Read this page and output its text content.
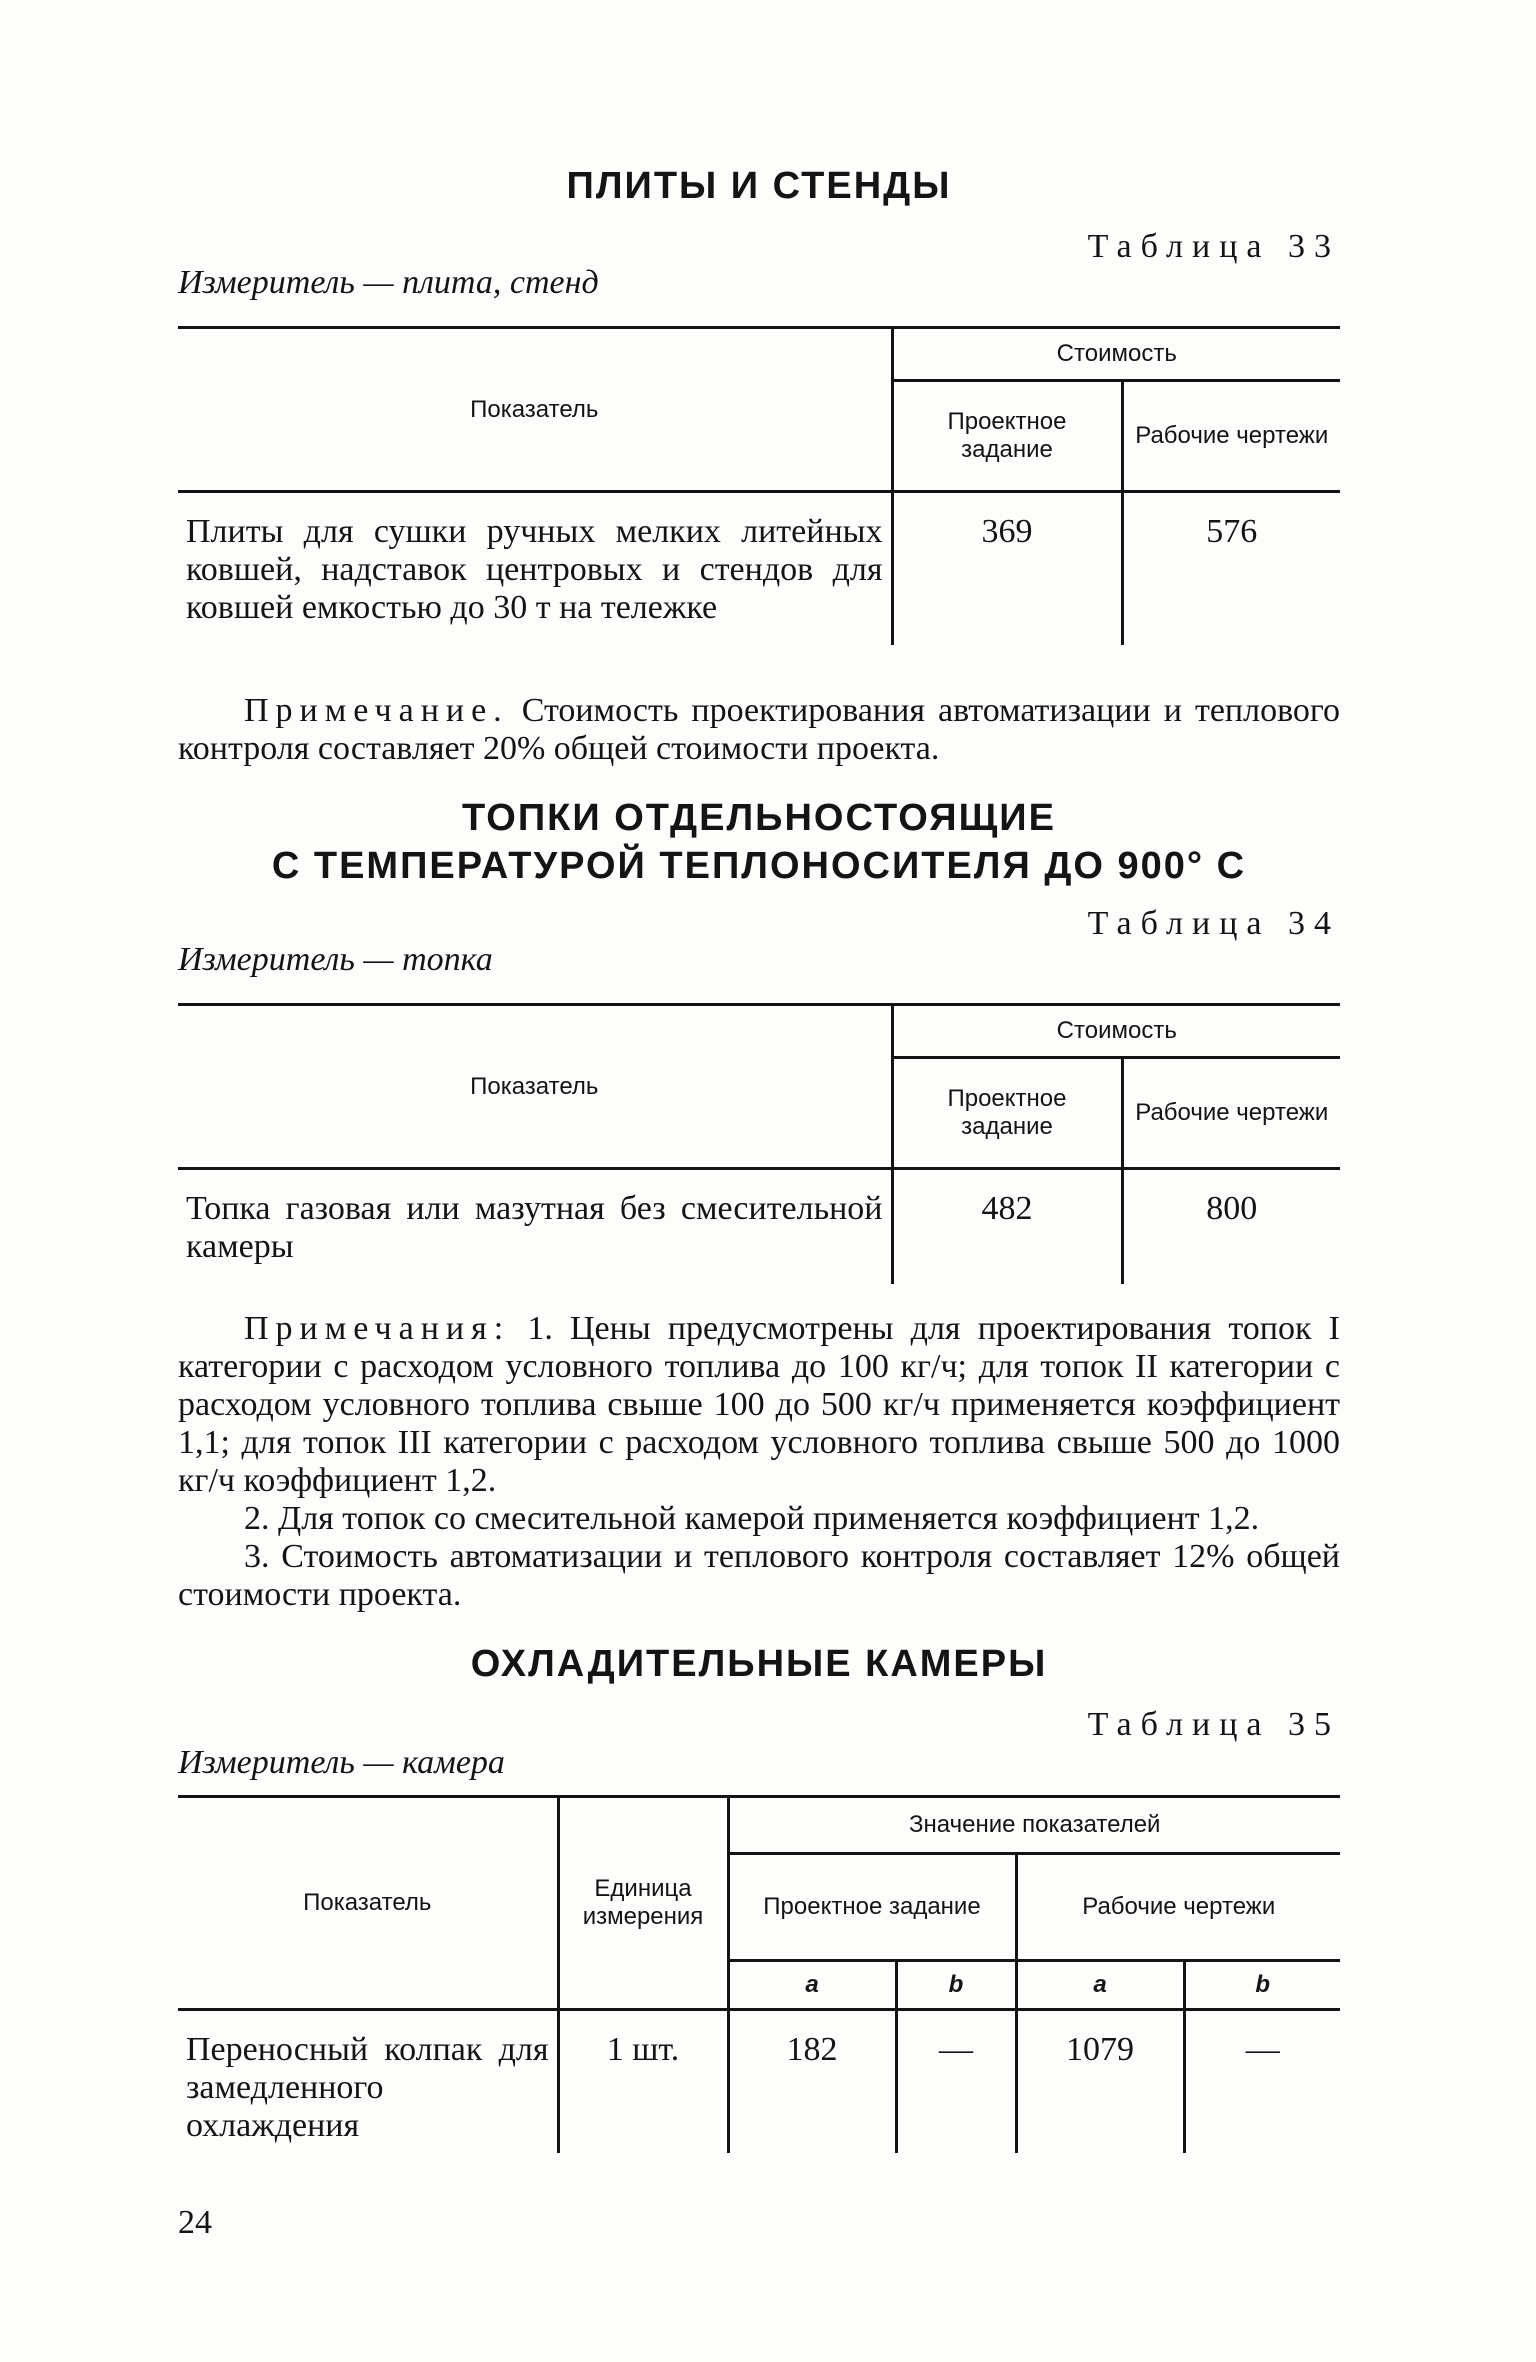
ПЛИТЫ И СТЕНДЫ
Таблица 33
Измеритель — плита, стенд
Показатель	Стоимость	
	Проектное задание	Рабочие чертежи
Плиты для сушки ручных мелких литейных ковшей, надставок центровых и стендов для ковшей емкостью до 30 т на тележке	369	576

Примечание. Стоимость проектирования автоматизации и теплового контроля составляет 20% общей стоимости проекта.

ТОПКИ ОТДЕЛЬНОСТОЯЩИЕ
С ТЕМПЕРАТУРОЙ ТЕПЛОНОСИТЕЛЯ ДО 900° С
Таблица 34
Измеритель — топка
Показатель	Стоимость	
	Проектное задание	Рабочие чертежи
Топка газовая или мазутная без смесительной камеры	482	800

Примечания: 1. Цены предусмотрены для проектирования топок I категории с расходом условного топлива до 100 кг/ч; для топок II категории с расходом условного топлива свыше 100 до 500 кг/ч применяется коэффициент 1,1; для топок III категории с расходом условного топлива свыше 500 до 1000 кг/ч коэффициент 1,2.

2. Для топок со смесительной камерой применяется коэффициент 1,2.

3. Стоимость автоматизации и теплового контроля составляет 12% общей стоимости проекта.

ОХЛАДИТЕЛЬНЫЕ КАМЕРЫ
Таблица 35
Измеритель — камера
Показатель	Единица измерения	Значение показателей			
		Проектное задание		Рабочие чертежи	
		a	b	a	b
Переносный колпак для замедленного охлаждения	1 шт.	182	—	1079	—
24
